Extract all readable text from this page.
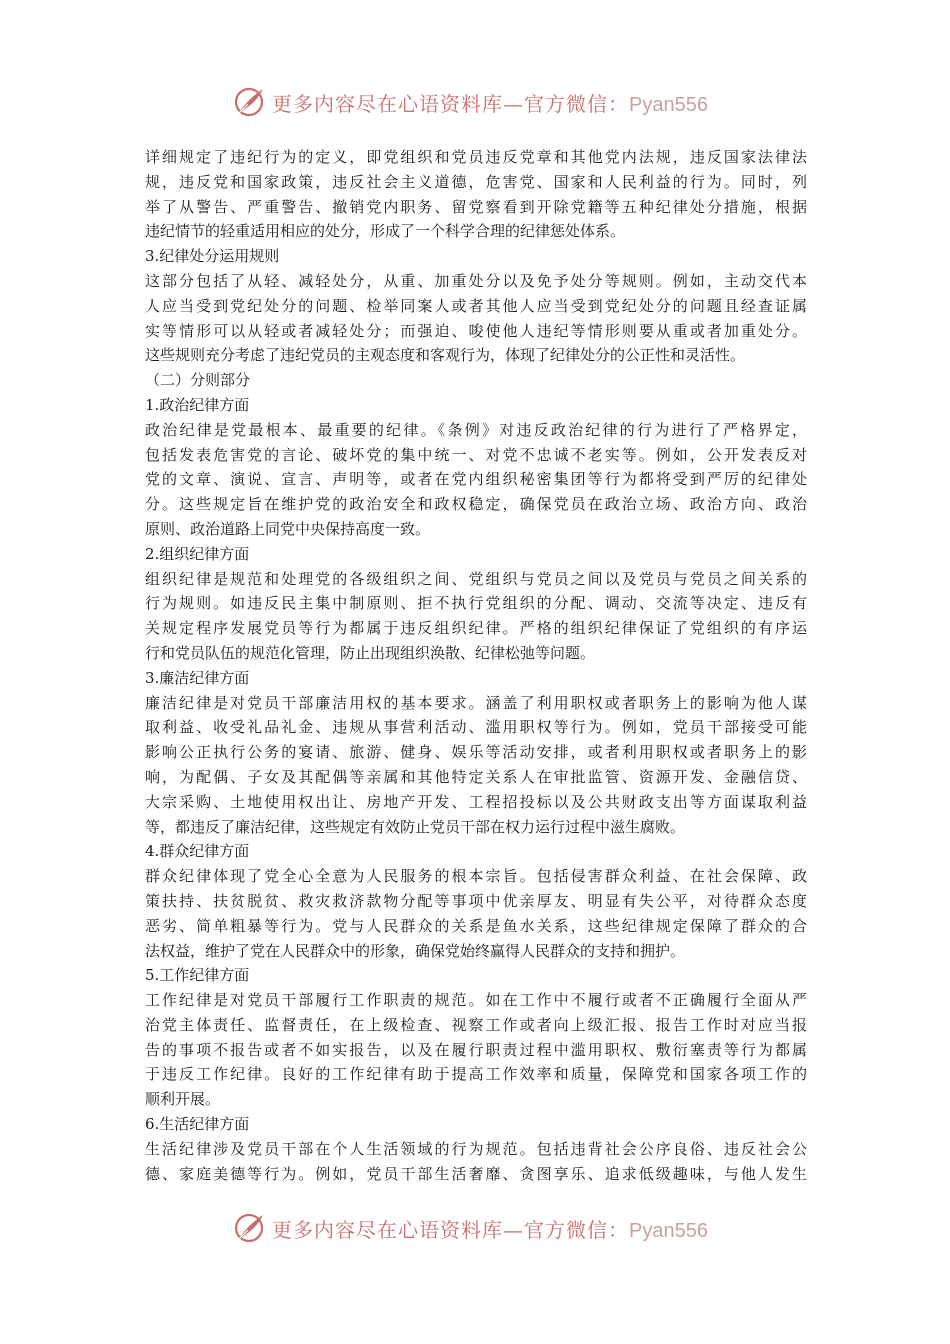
更多内容尽在心语资料库—官方微信：Pyan556
详细规定了违纪行为的定义，即党组织和党员违反党章和其他党内法规，违反国家法律法
规，违反党和国家政策，违反社会主义道德，危害党、国家和人民利益的行为。同时，列
举了从警告、严重警告、撤销党内职务、留党察看到开除党籍等五种纪律处分措施，根据
违纪情节的轻重适用相应的处分，形成了一个科学合理的纪律惩处体系。
3.纪律处分运用规则
这部分包括了从轻、减轻处分，从重、加重处分以及免予处分等规则。例如，主动交代本
人应当受到党纪处分的问题、检举同案人或者其他人应当受到党纪处分的问题且经查证属
实等情形可以从轻或者减轻处分；而强迫、唆使他人违纪等情形则要从重或者加重处分。
这些规则充分考虑了违纪党员的主观态度和客观行为，体现了纪律处分的公正性和灵活性。
（二）分则部分
1.政治纪律方面
政治纪律是党最根本、最重要的纪律。《条例》对违反政治纪律的行为进行了严格界定，
包括发表危害党的言论、破坏党的集中统一、对党不忠诚不老实等。例如，公开发表反对
党的文章、演说、宣言、声明等，或者在党内组织秘密集团等行为都将受到严厉的纪律处
分。这些规定旨在维护党的政治安全和政权稳定，确保党员在政治立场、政治方向、政治
原则、政治道路上同党中央保持高度一致。
2.组织纪律方面
组织纪律是规范和处理党的各级组织之间、党组织与党员之间以及党员与党员之间关系的
行为规则。如违反民主集中制原则、拒不执行党组织的分配、调动、交流等决定、违反有
关规定程序发展党员等行为都属于违反组织纪律。严格的组织纪律保证了党组织的有序运
行和党员队伍的规范化管理，防止出现组织涣散、纪律松弛等问题。
3.廉洁纪律方面
廉洁纪律是对党员干部廉洁用权的基本要求。涵盖了利用职权或者职务上的影响为他人谋
取利益、收受礼品礼金、违规从事营利活动、滥用职权等行为。例如，党员干部接受可能
影响公正执行公务的宴请、旅游、健身、娱乐等活动安排，或者利用职权或者职务上的影
响，为配偶、子女及其配偶等亲属和其他特定关系人在审批监管、资源开发、金融信贷、
大宗采购、土地使用权出让、房地产开发、工程招投标以及公共财政支出等方面谋取利益
等，都违反了廉洁纪律，这些规定有效防止党员干部在权力运行过程中滋生腐败。
4.群众纪律方面
群众纪律体现了党全心全意为人民服务的根本宗旨。包括侵害群众利益、在社会保障、政
策扶持、扶贫脱贫、救灾救济款物分配等事项中优亲厚友、明显有失公平，对待群众态度
恶劣、简单粗暴等行为。党与人民群众的关系是鱼水关系，这些纪律规定保障了群众的合
法权益，维护了党在人民群众中的形象，确保党始终赢得人民群众的支持和拥护。
5.工作纪律方面
工作纪律是对党员干部履行工作职责的规范。如在工作中不履行或者不正确履行全面从严
治党主体责任、监督责任，在上级检查、视察工作或者向上级汇报、报告工作时对应当报
告的事项不报告或者不如实报告，以及在履行职责过程中滥用职权、敷衍塞责等行为都属
于违反工作纪律。良好的工作纪律有助于提高工作效率和质量，保障党和国家各项工作的
顺利开展。
6.生活纪律方面
生活纪律涉及党员干部在个人生活领域的行为规范。包括违背社会公序良俗、违反社会公
德、家庭美德等行为。例如，党员干部生活奢靡、贪图享乐、追求低级趣味，与他人发生
更多内容尽在心语资料库—官方微信：Pyan556
